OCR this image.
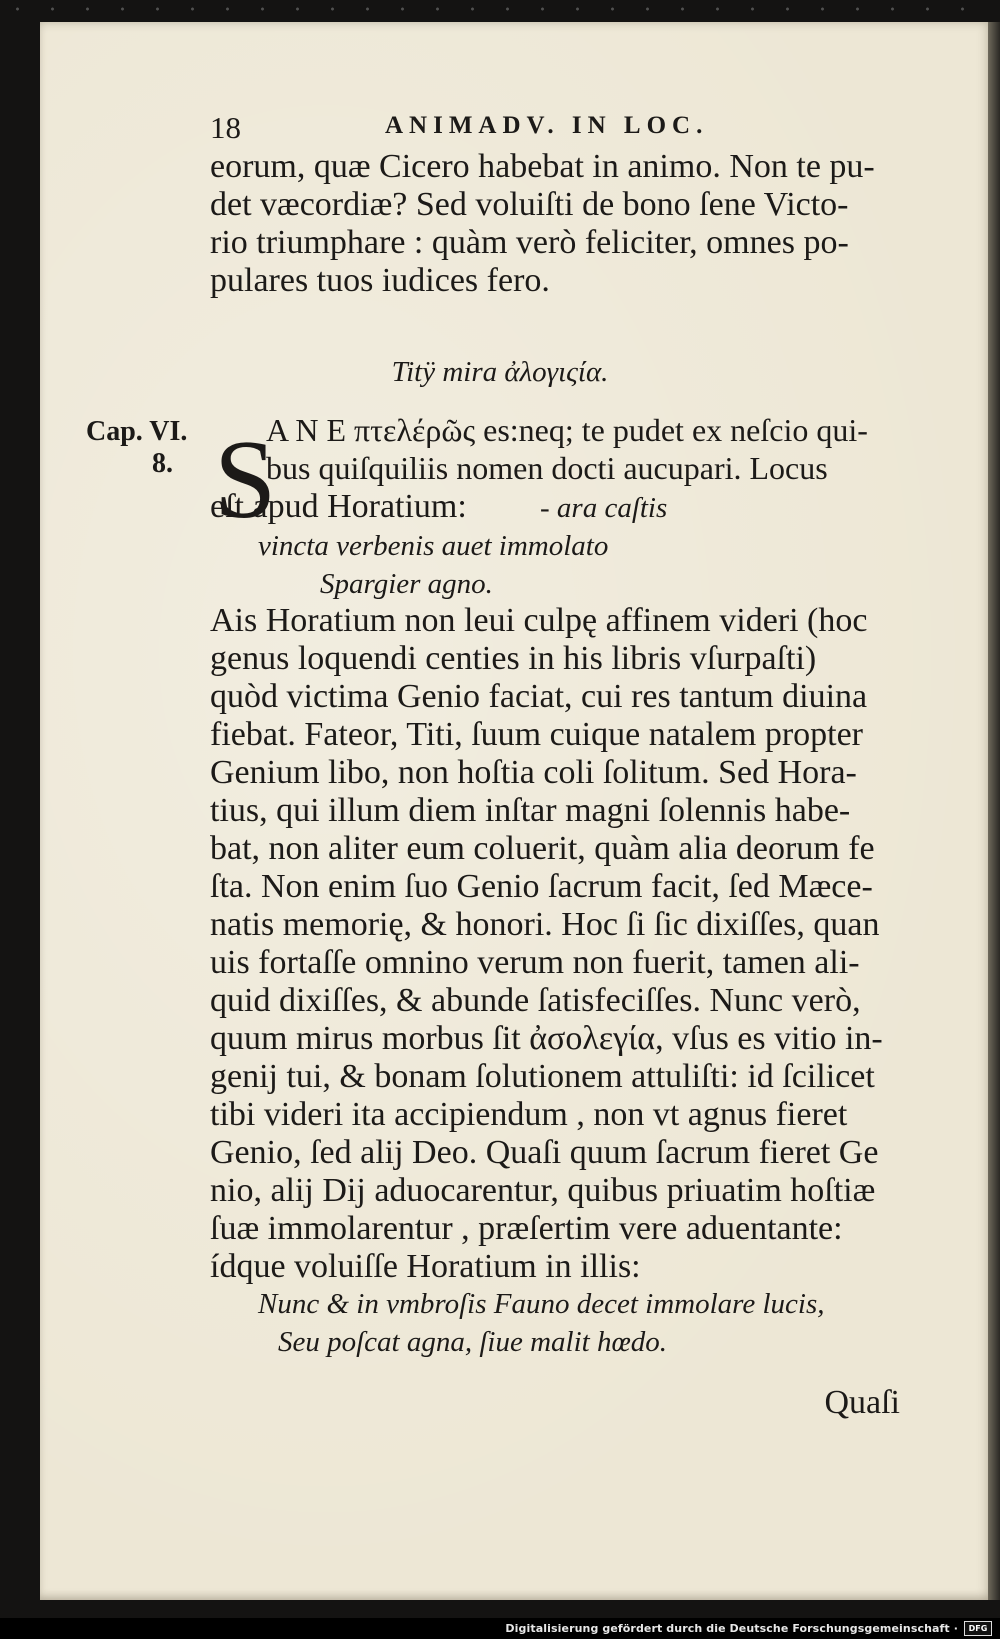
18	ANIMADV. IN LOC.
eorum, quæ Cicero habebat in animo. Non te pu-
det væcordiæ? Sed voluiſti de bono ſene Victo-
rio triumphare : quàm verò feliciter, omnes po-
pulares tuos iudices fero.
Titÿ mira ἀλογιςία.
Cap. VI.
8. S
A N E πτελέρῶς es:neq; te pudet ex neſcio qui-
bus quiſquiliis nomen docti aucupari. Locus
eſt apud Horatium:	- ara caſtis
vincta verbenis auet immolato
Spargier agno.
Ais Horatium non leui culpę affinem videri (hoc
genus loquendi centies in his libris vſurpaſti)
quòd victima Genio faciat, cui res tantum diuina
fiebat. Fateor, Titi, ſuum cuique natalem propter
Genium libo, non hoſtia coli ſolitum. Sed Hora-
tius, qui illum diem inſtar magni ſolennis habe-
bat, non aliter eum coluerit, quàm alia deorum fe
ſta. Non enim ſuo Genio ſacrum facit, ſed Mæce-
natis memorię, & honori. Hoc ſi ſic dixiſſes, quan
uis fortaſſe omnino verum non fuerit, tamen ali-
quid dixiſſes, & abunde ſatisfeciſſes. Nunc verò,
quum mirus morbus ſit ἀσολεγία, vſus es vitio in-
genij tui, & bonam ſolutionem attuliſti: id ſcilicet
tibi videri ita accipiendum , non vt agnus fieret
Genio, ſed alij Deo. Quaſi quum ſacrum fieret Ge
nio, alij Dij aduocarentur, quibus priuatim hoſtiæ
ſuæ immolarentur , præſertim vere aduentante:
ídque voluiſſe Horatium in illis:
Nunc & in vmbroſis Fauno decet immolare lucis,
Seu poſcat agna, ſiue malit hœdo.
Quaſi
Digitalisierung gefördert durch die Deutsche Forschungsgemeinschaft ·	DFG
